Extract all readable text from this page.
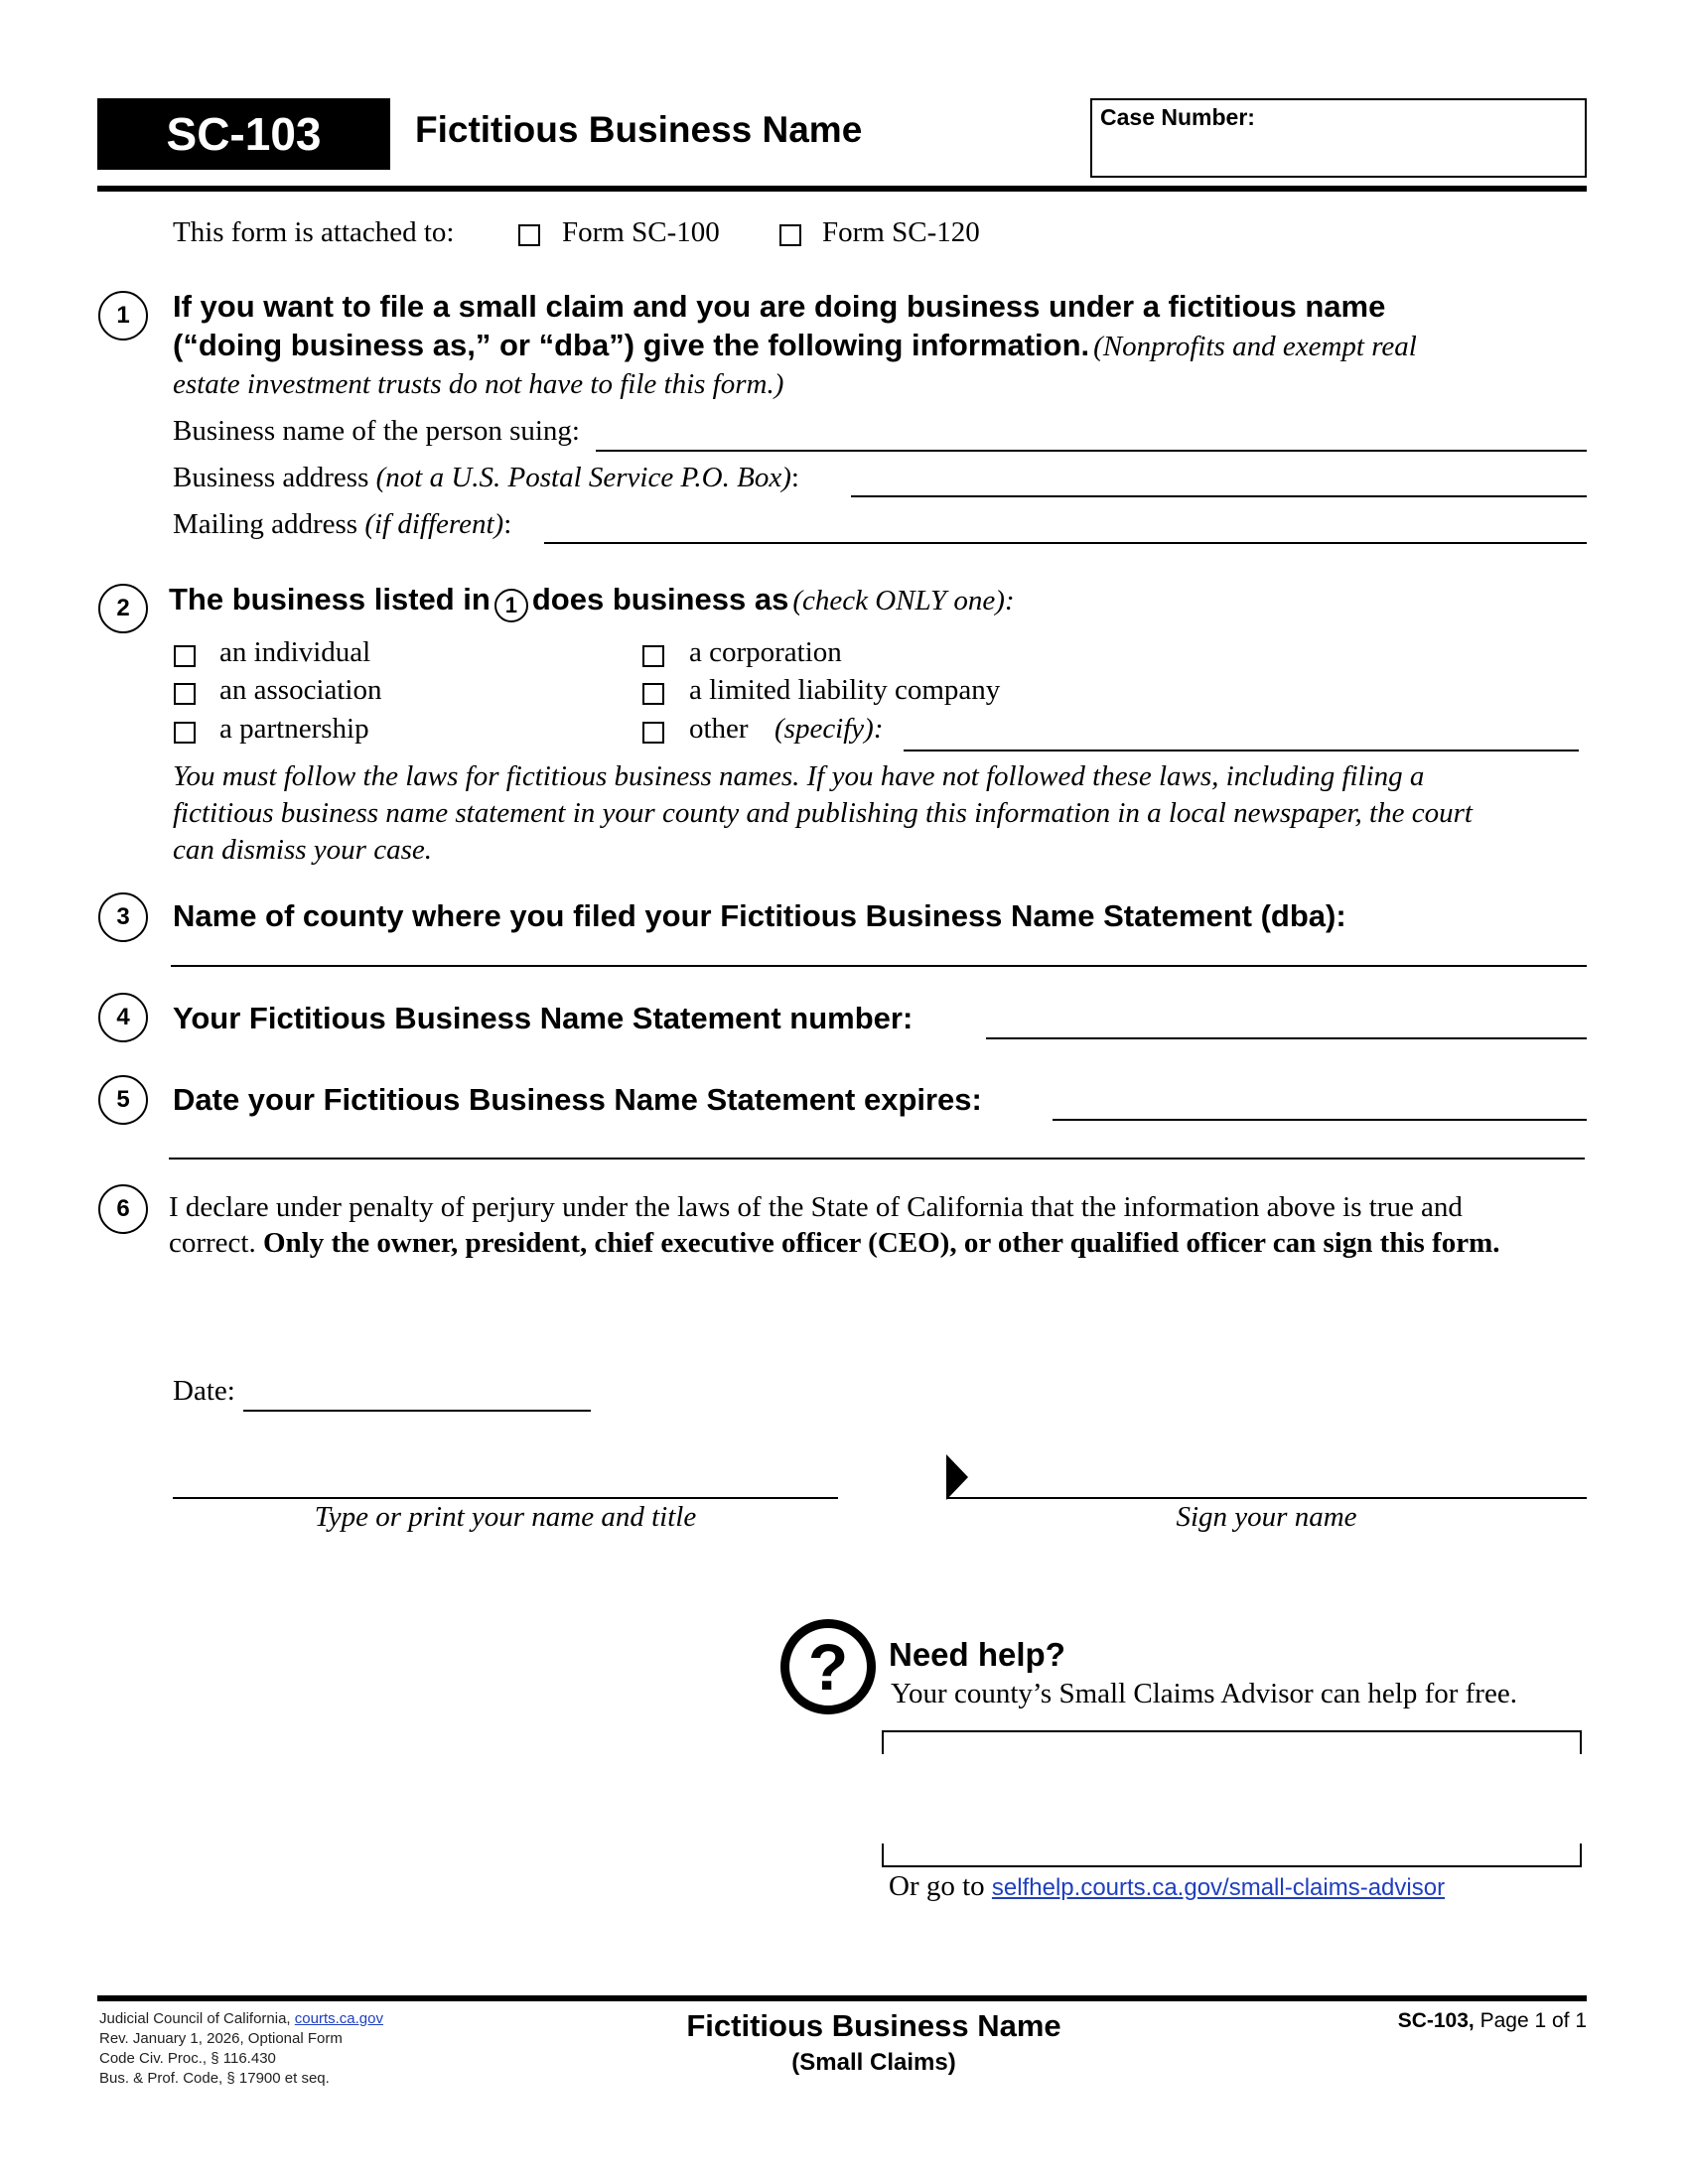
SC-103	Fictitious Business Name	Case Number:
This form is attached to:	Form SC-100	Form SC-120
1	If you want to file a small claim and you are doing business under a fictitious name
(“doing business as,” or “dba”) give the following information. (Nonprofits and exempt real
estate investment trusts do not have to file this form.)
Business name of the person suing:
Business address (not a U.S. Postal Service P.O. Box):
Mailing address (if different):
2	The business listed in 1 does business as (check ONLY one):
an individual
an association
a partnership
a corporation
a limited liability company
other (specify):
You must follow the laws for fictitious business names. If you have not followed these laws, including filing a
fictitious business name statement in your county and publishing this information in a local newspaper, the court
can dismiss your case.
3	Name of county where you filed your Fictitious Business Name Statement (dba):
4	Your Fictitious Business Name Statement number:
5	Date your Fictitious Business Name Statement expires:
6	I declare under penalty of perjury under the laws of the State of California that the information above is true and
correct. Only the owner, president, chief executive officer (CEO), or other qualified officer can sign this form.
Date:
Type or print your name and title	Sign your name
?	Need help?
Your county’s Small Claims Advisor can help for free.
Or go to selfhelp.courts.ca.gov/small-claims-advisor
Judicial Council of California, courts.ca.gov
Rev. January 1, 2026, Optional Form
Code Civ. Proc., § 116.430
Bus. & Prof. Code, § 17900 et seq.
Fictitious Business Name
(Small Claims)
SC-103, Page 1 of 1
